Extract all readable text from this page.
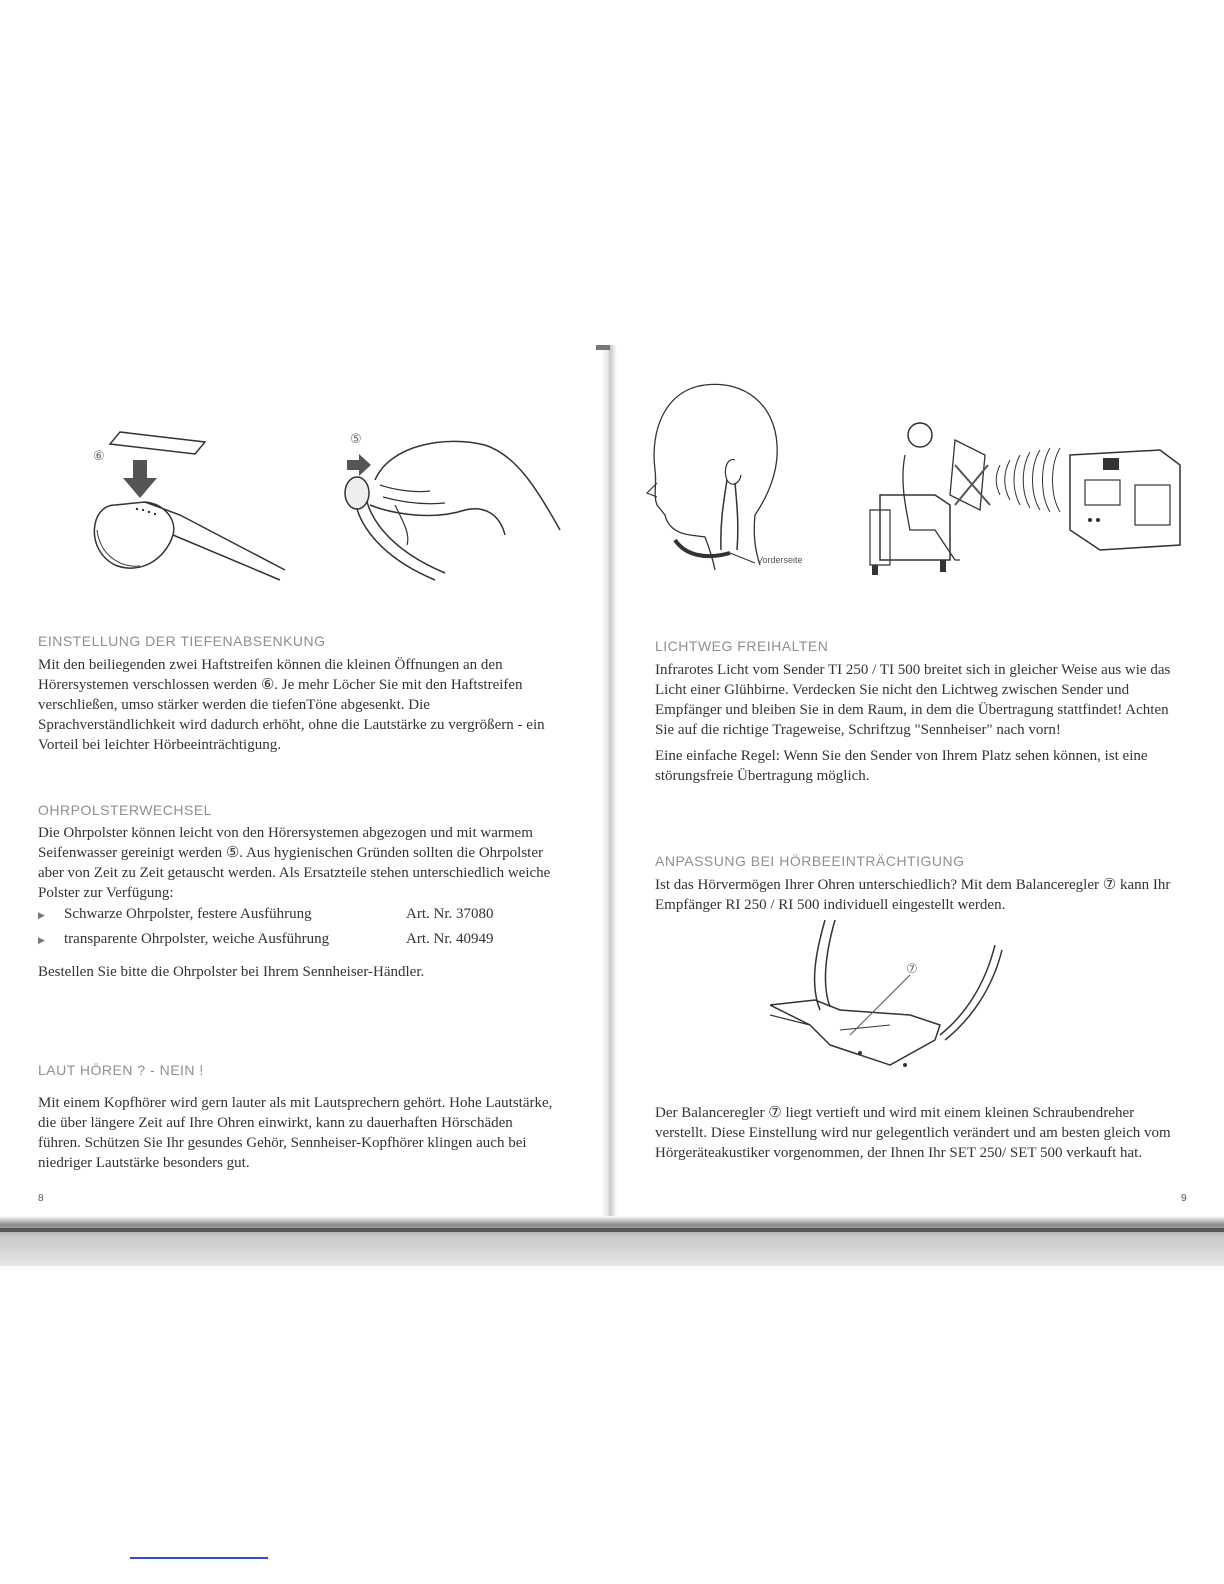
⑥
⑤
EINSTELLUNG DER TIEFENABSENKUNG

Mit den beiliegenden zwei Haftstreifen können die kleinen Öffnungen an den Hörersystemen verschlossen werden ⑥. Je mehr Löcher Sie mit den Haftstreifen verschließen, umso stärker werden die tiefenTöne abgesenkt. Die Sprachverständlichkeit wird dadurch erhöht, ohne die Lautstärke zu vergrößern - ein Vorteil bei leichter Hörbeeinträchtigung.

OHRPOLSTERWECHSEL

Die Ohrpolster können leicht von den Hörersystemen abgezogen und mit warmem Seifenwasser gereinigt werden ⑤. Aus hygienischen Gründen sollten die Ohrpolster aber von Zeit zu Zeit getauscht werden. Als Ersatzteile stehen unterschiedlich weiche Polster zur Verfügung:

▶	Schwarze Ohrpolster, festere Ausführung	Art. Nr. 37080
▶	transparente Ohrpolster, weiche Ausführung	Art. Nr. 40949

Bestellen Sie bitte die Ohrpolster bei Ihrem Sennheiser-Händler.

LAUT HÖREN ? - NEIN !

Mit einem Kopfhörer wird gern lauter als mit Lautsprechern gehört. Hohe Lautstärke, die über längere Zeit auf Ihre Ohren einwirkt, kann zu dauerhaften Hörschäden führen. Schützen Sie Ihr gesundes Gehör, Sennheiser-Kopfhörer klingen auch bei niedriger Lautstärke besonders gut.

8
Vorderseite
LICHTWEG FREIHALTEN

Infrarotes Licht vom Sender TI 250 / TI 500 breitet sich in gleicher Weise aus wie das Licht einer Glühbirne. Verdecken Sie nicht den Lichtweg zwischen Sender und Empfänger und bleiben Sie in dem Raum, in dem die Übertragung stattfindet! Achten Sie auf die richtige Trageweise, Schriftzug "Sennheiser" nach vorn!

Eine einfache Regel: Wenn Sie den Sender von Ihrem Platz sehen können, ist eine störungsfreie Übertragung möglich.

ANPASSUNG BEI HÖRBEEINTRÄCHTIGUNG

Ist das Hörvermögen Ihrer Ohren unterschiedlich? Mit dem Balanceregler ⑦ kann Ihr Empfänger RI 250 / RI 500 individuell eingestellt werden.

⑦

Der Balanceregler ⑦ liegt vertieft und wird mit einem kleinen Schraubendreher verstellt. Diese Einstellung wird nur gelegentlich verändert und am besten gleich vom Hörgeräteakustiker vorgenommen, der Ihnen Ihr SET 250/ SET 500 verkauft hat.

9
